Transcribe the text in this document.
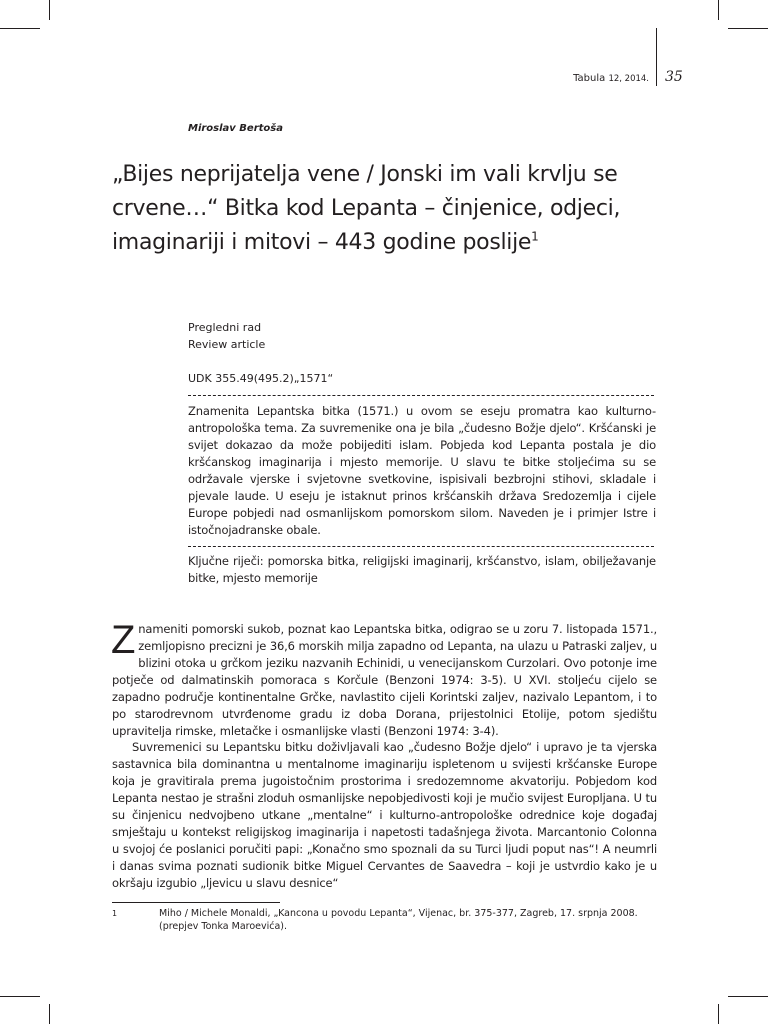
Tabula 12, 2014. 35
Miroslav Bertoša
„Bijes neprijatelja vene / Jonski im vali krvlju se crvene…“ Bitka kod Lepanta – činjenice, odjeci, imaginariji i mitovi – 443 godine poslije$^1$
Pregledni rad
Review article
UDK 355.49(495.2)„1571“
Znamenita Lepantska bitka (1571.) u ovom se eseju promatra kao kulturno-antropološka tema. Za suvremenike ona je bila „čudesno Božje djelo“. Kršćanski je svijet dokazao da može pobijediti islam. Pobjeda kod Lepanta postala je dio kršćanskog imaginarija i mjesto memorije. U slavu te bitke stoljećima su se održavale vjerske i svjetovne svetkovine, ispisivali bezbrojni stihovi, skladale i pjevale laude. U eseju je istaknut prinos kršćanskih država Sredozemlja i cijele Europe pobjedi nad osmanlijskom pomorskom silom. Naveden je i primjer Istre i istočnojadranske obale.
Ključne riječi: pomorska bitka, religijski imaginarij, kršćanstvo, islam, obilježavanje bitke, mjesto memorije

Znameniti pomorski sukob, poznat kao Lepantska bitka, odigrao se u zoru 7. listopada 1571., zemljopisno precizni je 36,6 morskih milja zapadno od Lepanta, na ulazu u Patraski zaljev, u blizini otoka u grčkom jeziku nazvanih Echinidi, u venecijanskom Curzolari. Ovo potonje ime potječe od dalmatinskih pomoraca s Korčule (Benzoni 1974: 3-5). U XVI. stoljeću cijelo se zapadno područje kontinentalne Grčke, navlastito cijeli Korintski zaljev, nazivalo Lepantom, i to po starodrevnom utvrđenome gradu iz doba Dorana, prijestolnici Etolije, potom sjedištu upravitelja rimske, mletačke i osmanlijske vlasti (Benzoni 1974: 3-4).

Suvremenici su Lepantsku bitku doživljavali kao „čudesno Božje djelo“ i upravo je ta vjerska sastavnica bila dominantna u mentalnome imaginariju ispletenom u svijesti kršćanske Europe koja je gravitirala prema jugoistočnim prostorima i sredozemnome akvatoriju. Pobjedom kod Lepanta nestao je strašni zloduh osmanlijske nepobjedivosti koji je mučio svijest Europljana. U tu su činjenicu nedvojbeno utkane „mentalne“ i kulturno-antropološke odrednice koje događaj smještaju u kontekst religijskog imaginarija i napetosti tadašnjega života. Marcantonio Colonna u svojoj će poslanici poručiti papi: „Konačno smo spoznali da su Turci ljudi poput nas“! A neumrli i danas svima poznati sudionik bitke Miguel Cervantes de Saavedra – koji je ustvrdio kako je u okršaju izgubio „ljevicu u slavu desnice“

1	Miho / Michele Monaldi, „Kancona u povodu Lepanta“, Vijenac, br. 375-377, Zagreb, 17. srpnja 2008. (prepjev Tonka Maroevića).
